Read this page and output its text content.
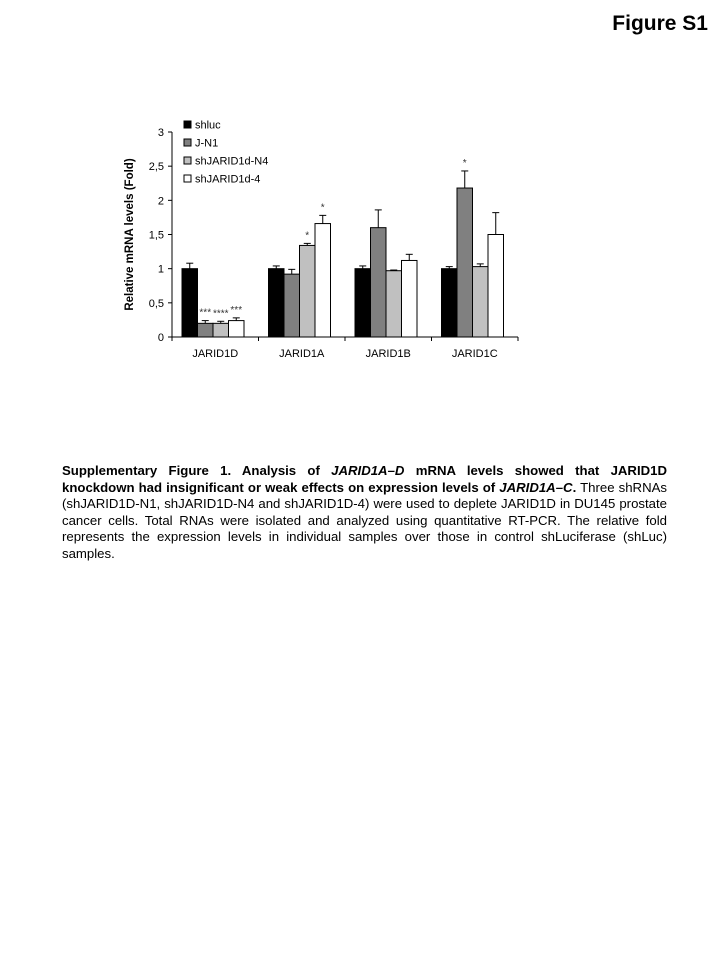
Figure S1
0
0,5
1
1,5
2
2,5
3
Relative mRNA levels (Fold)
*** **** ***
JARID1D
*
*
JARID1A	JARID1B
*
JARID1C
shluc
J-N1
shJARID1d-N4
shJARID1d-4
Supplementary Figure 1. Analysis of JARID1A–D mRNA levels showed that JARID1D knockdown had insignificant or weak effects on expression levels of JARID1A–C. Three shRNAs (shJARID1D-N1, shJARID1D-N4 and shJARID1D-4) were used to deplete JARID1D in DU145 prostate cancer cells. Total RNAs were isolated and analyzed using quantitative RT-PCR. The relative fold represents the expression levels in individual samples over those in control shLuciferase (shLuc) samples.
